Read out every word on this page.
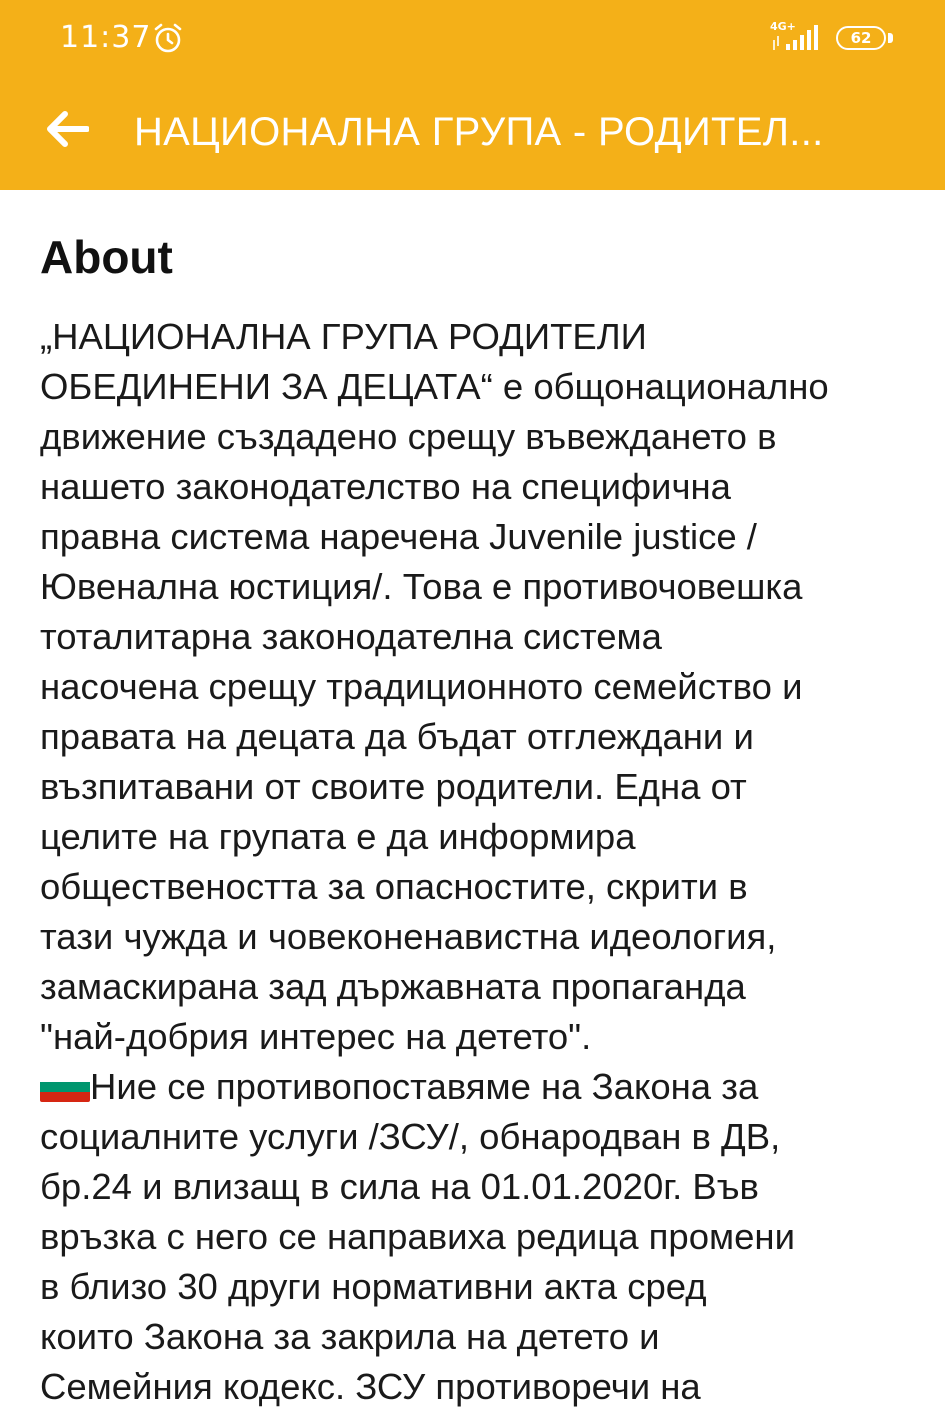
11:37	4G+
62
НАЦИОНАЛНА ГРУПА - РОДИТЕЛ...
About
„НАЦИОНАЛНА ГРУПА РОДИТЕЛИ
ОБЕДИНЕНИ ЗА ДЕЦАТА“ е общонационално
движение създадено срещу въвеждането в
нашето законодателство на специфична
правна система наречена Juvenile justice /
Ювенална юстиция/. Това е противочовешка
тоталитарна законодателна система
насочена срещу традиционното семейство и
правата на децата да бъдат отглеждани и
възпитавани от своите родители. Една от
целите на групата е да информира
обществеността за опасностите, скрити в
тази чужда и човеконенавистна идеология,
замаскирана зад държавната пропаганда
"най-добрия интерес на детето".

Ние се противопоставяме на Закона за
социалните услуги /ЗСУ/, обнародван в ДВ,
бр.24 и влизащ в сила на 01.01.2020г. Във
връзка с него се направиха редица промени
в близо 30 други нормативни акта сред
които Закона за закрила на детето и
Семейния кодекс. ЗСУ противоречи на
